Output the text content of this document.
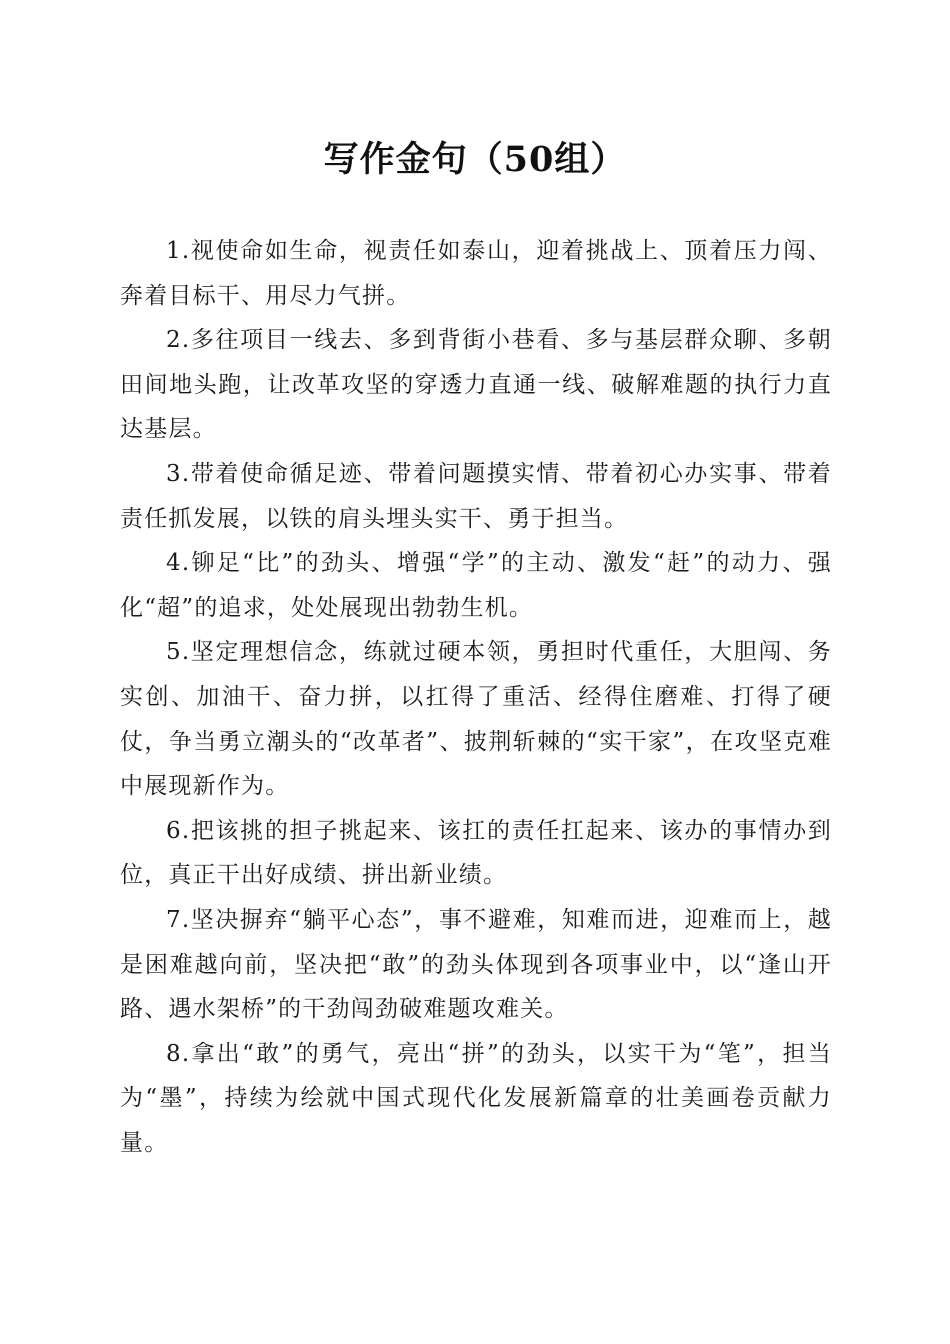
写作金句（50组）

1.视使命如生命，视责任如泰山，迎着挑战上、顶着压力闯、奔着目标干、用尽力气拼。

2.多往项目一线去、多到背街小巷看、多与基层群众聊、多朝田间地头跑，让改革攻坚的穿透力直通一线、破解难题的执行力直达基层。

3.带着使命循足迹、带着问题摸实情、带着初心办实事、带着责任抓发展，以铁的肩头埋头实干、勇于担当。

4.铆足“比”的劲头、增强“学”的主动、激发“赶”的动力、强化“超”的追求，处处展现出勃勃生机。

5.坚定理想信念，练就过硬本领，勇担时代重任，大胆闯、务实创、加油干、奋力拼，以扛得了重活、经得住磨难、打得了硬仗，争当勇立潮头的“改革者”、披荆斩棘的“实干家”，在攻坚克难中展现新作为。

6.把该挑的担子挑起来、该扛的责任扛起来、该办的事情办到位，真正干出好成绩、拼出新业绩。

7.坚决摒弃“躺平心态”，事不避难，知难而进，迎难而上，越是困难越向前，坚决把“敢”的劲头体现到各项事业中，以“逢山开路、遇水架桥”的干劲闯劲破难题攻难关。

8.拿出“敢”的勇气，亮出“拼”的劲头，以实干为“笔”，担当为“墨”，持续为绘就中国式现代化发展新篇章的壮美画卷贡献力量。
